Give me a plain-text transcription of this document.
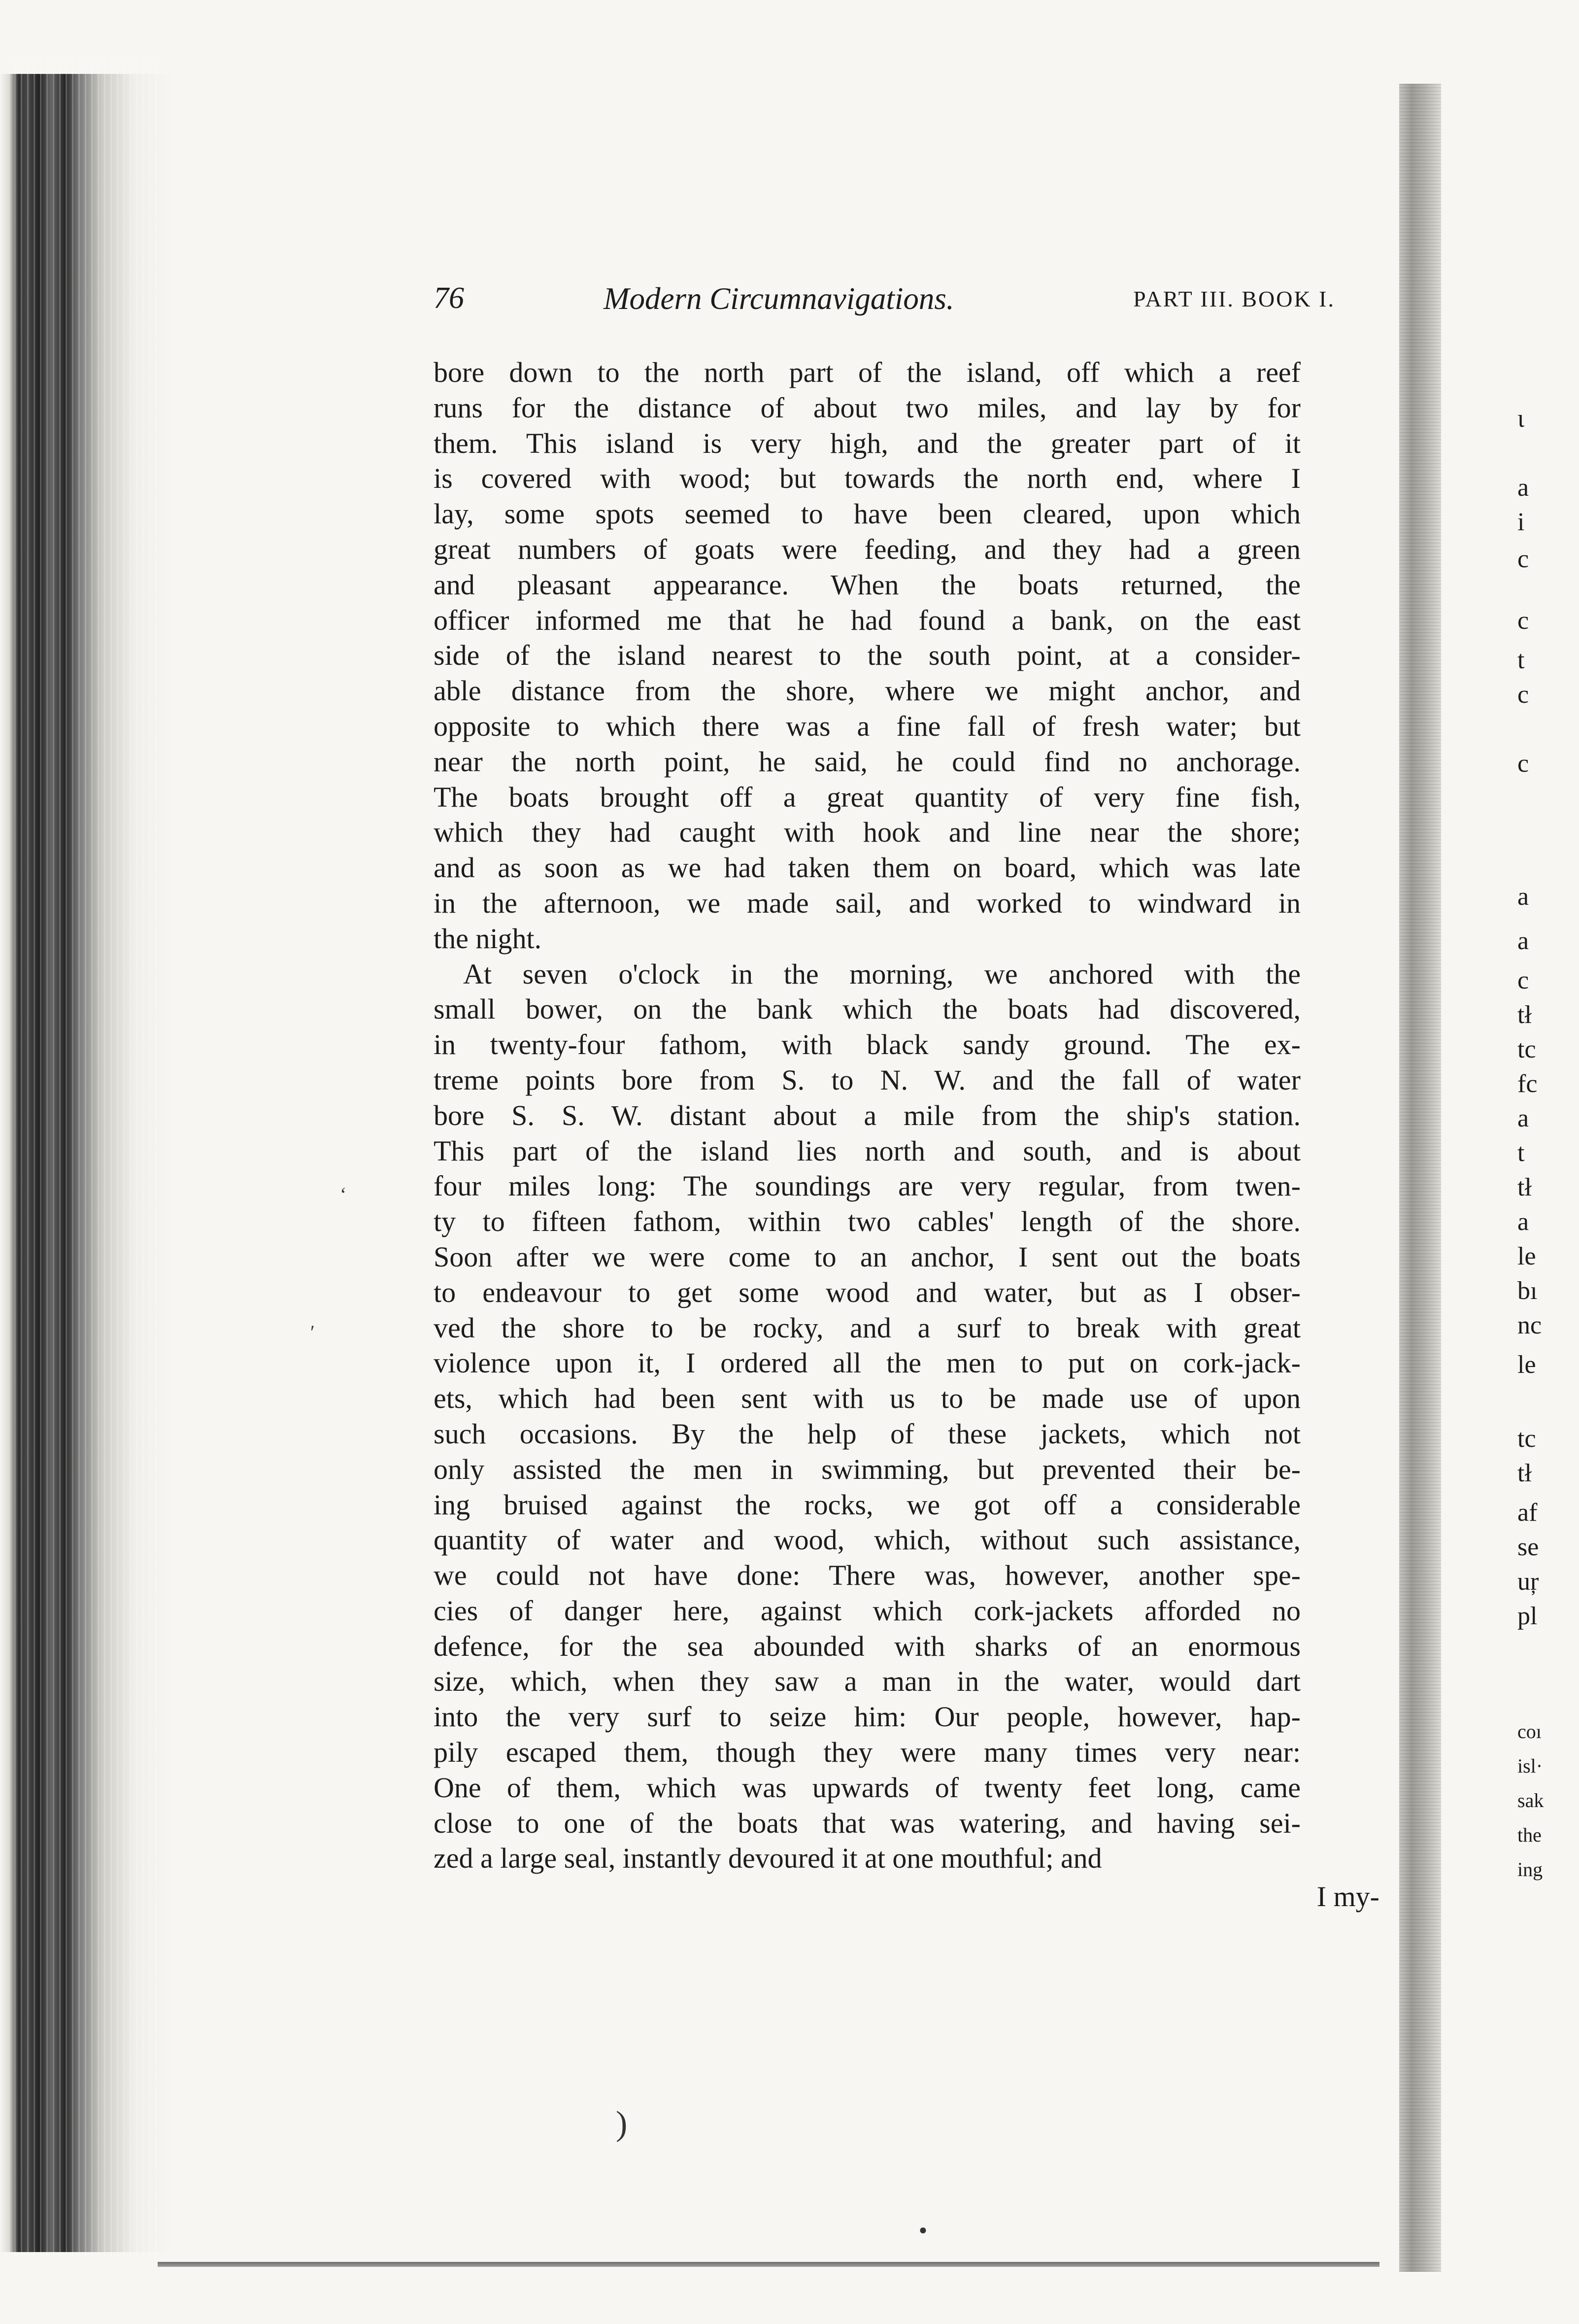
76	Modern Circumnavigations.	PART III. BOOK I.
bore down to the north part of the island, off which a reef
runs for the distance of about two miles, and lay by for
them. This island is very high, and the greater part of it
is covered with wood; but towards the north end, where I
lay, some spots seemed to have been cleared, upon which
great numbers of goats were feeding, and they had a green
and pleasant appearance. When the boats returned, the
officer informed me that he had found a bank, on the east
side of the island nearest to the south point, at a consider-
able distance from the shore, where we might anchor, and
opposite to which there was a fine fall of fresh water; but
near the north point, he said, he could find no anchorage.
The boats brought off a great quantity of very fine fish,
which they had caught with hook and line near the shore;
and as soon as we had taken them on board, which was late
in the afternoon, we made sail, and worked to windward in
the night.
At seven o'clock in the morning, we anchored with the
small bower, on the bank which the boats had discovered,
in twenty-four fathom, with black sandy ground. The ex-
treme points bore from S. to N. W. and the fall of water
bore S. S. W. distant about a mile from the ship's station.
This part of the island lies north and south, and is about
four miles long: The soundings are very regular, from twen-
ty to fifteen fathom, within two cables' length of the shore.
Soon after we were come to an anchor, I sent out the boats
to endeavour to get some wood and water, but as I obser-
ved the shore to be rocky, and a surf to break with great
violence upon it, I ordered all the men to put on cork-jack-
ets, which had been sent with us to be made use of upon
such occasions. By the help of these jackets, which not
only assisted the men in swimming, but prevented their be-
ing bruised against the rocks, we got off a considerable
quantity of water and wood, which, without such assistance,
we could not have done: There was, however, another spe-
cies of danger here, against which cork-jackets afforded no
defence, for the sea abounded with sharks of an enormous
size, which, when they saw a man in the water, would dart
into the very surf to seize him: Our people, however, hap-
pily escaped them, though they were many times very near:
One of them, which was upwards of twenty feet long, came
close to one of the boats that was watering, and having sei-
zed a large seal, instantly devoured it at one mouthful; and
I my-
ι
a
i
c
c
t
c
c
a
a
c
tł
tc
fc
a
t
tł
a
le
bı
nc
le
tc
tł
af
se
uŗ
pl
coı
isl·
sak
the
ing
‘
ʹ
)
●
